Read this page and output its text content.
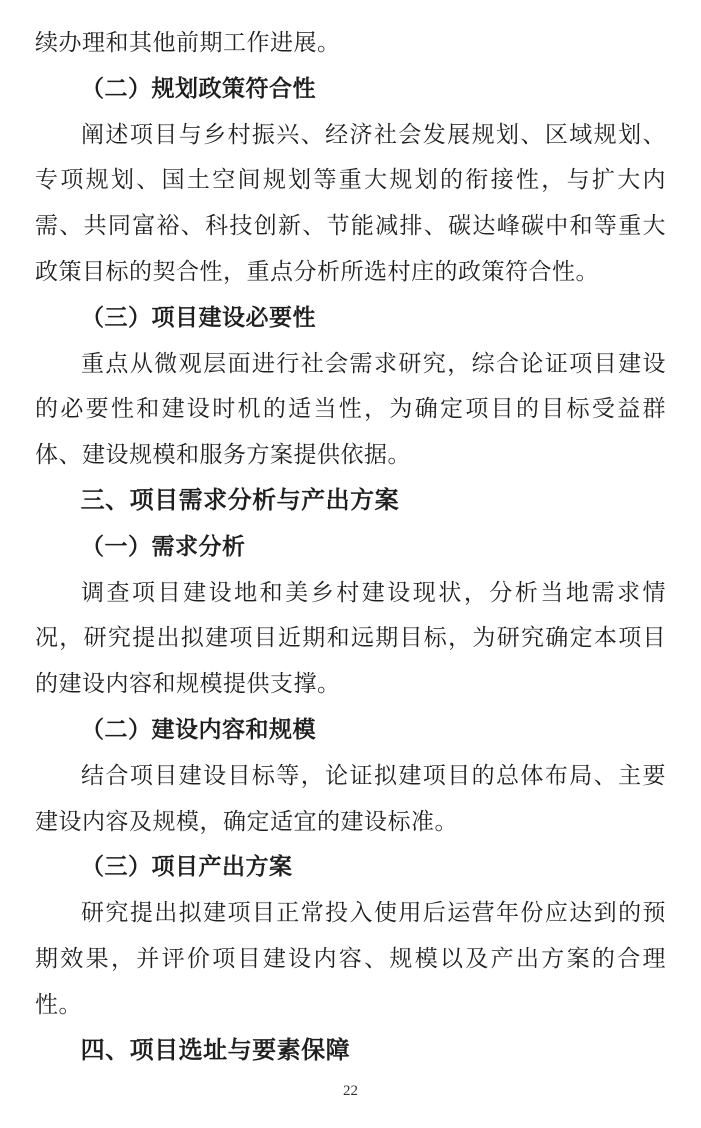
续办理和其他前期工作进展。

（二）规划政策符合性

阐述项目与乡村振兴、经济社会发展规划、区域规划、专项规划、国土空间规划等重大规划的衔接性，与扩大内需、共同富裕、科技创新、节能减排、碳达峰碳中和等重大政策目标的契合性，重点分析所选村庄的政策符合性。

（三）项目建设必要性

重点从微观层面进行社会需求研究，综合论证项目建设的必要性和建设时机的适当性，为确定项目的目标受益群体、建设规模和服务方案提供依据。

三、项目需求分析与产出方案

（一）需求分析

调查项目建设地和美乡村建设现状，分析当地需求情况，研究提出拟建项目近期和远期目标，为研究确定本项目的建设内容和规模提供支撑。

（二）建设内容和规模

结合项目建设目标等，论证拟建项目的总体布局、主要建设内容及规模，确定适宜的建设标准。

（三）项目产出方案

研究提出拟建项目正常投入使用后运营年份应达到的预期效果，并评价项目建设内容、规模以及产出方案的合理性。

四、项目选址与要素保障

22
